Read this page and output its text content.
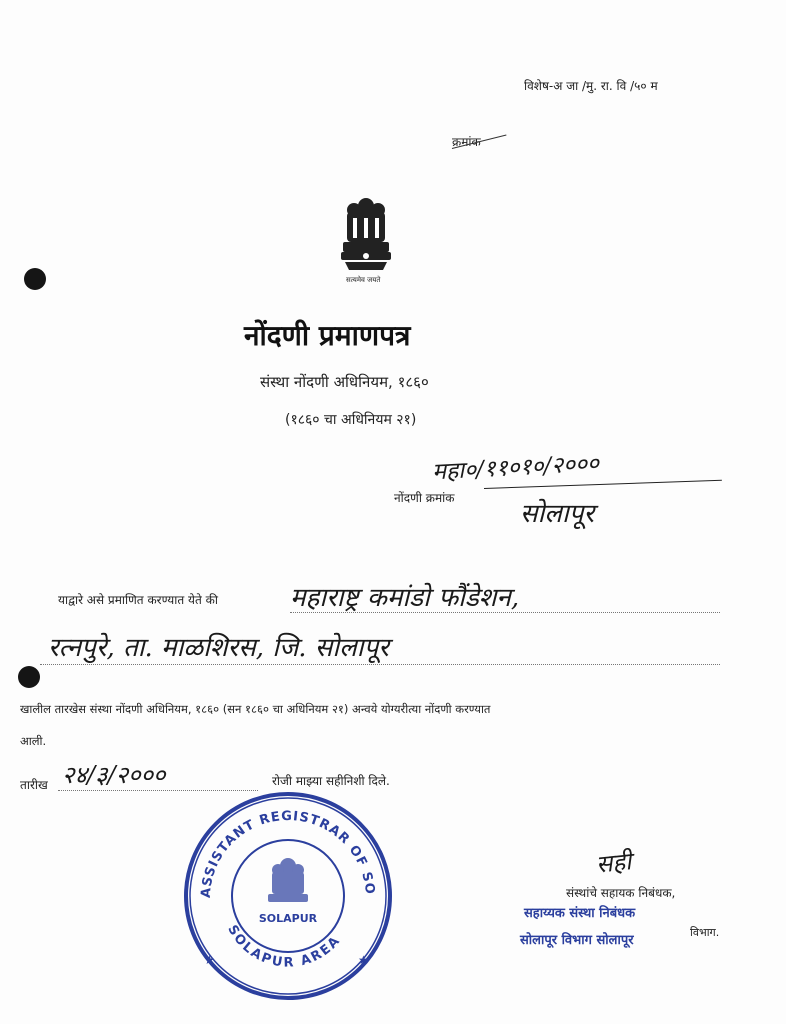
विशेष-अ जा /मु. रा. वि /५० म
क्रमांक
सत्यमेव जयते
नोंदणी प्रमाणपत्र
संस्था नोंदणी अधिनियम, १८६०
(१८६० चा अधिनियम २१)
महा०/११०१०/२०००
नोंदणी क्रमांक
सोलापूर
याद्वारे असे प्रमाणित करण्यात येते की	महाराष्ट्र कमांडो फौंडेशन,
रत्नपुरे, ता. माळशिरस, जि. सोलापूर
खालील तारखेस संस्था नोंदणी अधिनियम, १८६० (सन १८६० चा अधिनियम २१) अन्वये योग्यरीत्या नोंदणी करण्यात
आली.
तारीख २४/३/२०००	रोजी माझ्या सहीनिशी दिले.
ASSISTANT REGISTRAR OF SO
SOLAPUR AREA
SOLAPUR
★	★
सही
संस्थांचे सहायक निबंधक,
सहाय्यक संस्था निबंधक
सोलापूर विभाग सोलापूर
विभाग.
